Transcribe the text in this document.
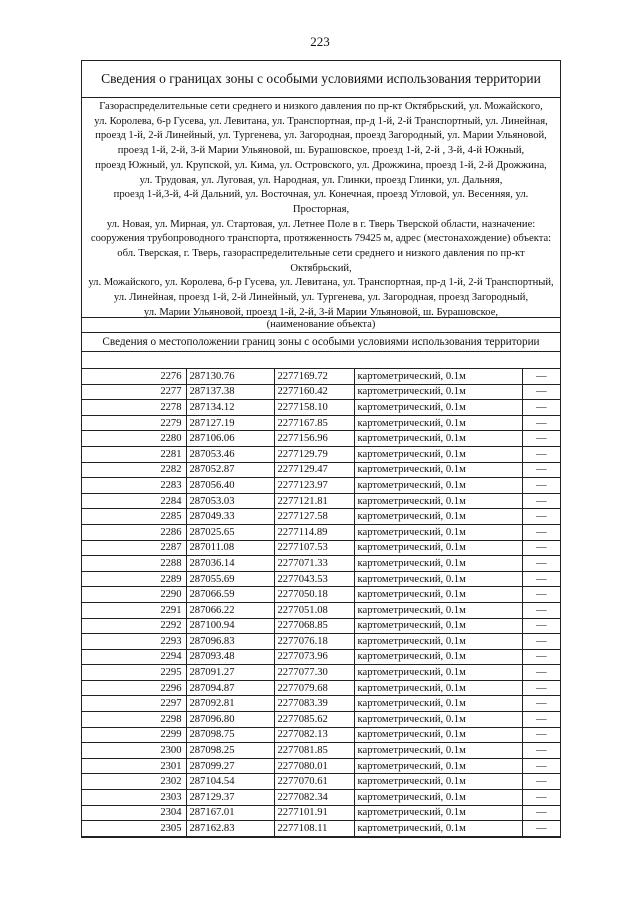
223
Сведения о границах зоны с особыми условиями использования территории
Газораспределительные сети среднего и низкого давления по пр-кт Октябрьский, ул. Можайского,
ул. Королева, 6-р Гусева, ул. Левитана, ул. Транспортная, пр-д 1-й, 2-й Транспортный, ул. Линейная,
проезд 1-й, 2-й Линейный, ул. Тургенева, ул. Загородная, проезд Загородный, ул. Марии Ульяновой,
проезд 1-й, 2-й, 3-й Марии Ульяновой, ш. Бурашовское, проезд 1-й, 2-й , 3-й, 4-й Южный,
проезд Южный, ул. Крупской, ул. Кима, ул. Островского, ул. Дрожжина, проезд 1-й, 2-й Дрожжина,
ул. Трудовая, ул. Луговая, ул. Народная, ул. Глинки, проезд Глинки, ул. Дальняя,
проезд 1-й,3-й, 4-й Дальний, ул. Восточная, ул. Конечная, проезд Угловой, ул. Весенняя, ул. Просторная,
ул. Новая, ул. Мирная, ул. Стартовая, ул. Летнее Поле в г. Тверь Тверской области, назначение:
сооружения трубопроводного транспорта, протяженность 79425 м, адрес (местонахождение) объекта:
обл. Тверская, г. Тверь, газораспределительные сети среднего и низкого давления по пр-кт Октябрьский,
ул. Можайского, ул. Королева, б-р Гусева, ул. Левитана, ул. Транспортная, пр-д 1-й, 2-й Транспортный,
ул. Линейная, проезд 1-й, 2-й Линейный, ул. Тургенева, ул. Загородная, проезд Загородный,
ул. Марии Ульяновой, проезд 1-й, 2-й, 3-й Марии Ульяновой, ш. Бурашовское,
(наименование объекта)
Сведения о местоположении границ зоны с особыми условиями использования территории
2276	287130.76	2277169.72	картометрический, 0.1м	—
2277	287137.38	2277160.42	картометрический, 0.1м	—
2278	287134.12	2277158.10	картометрический, 0.1м	—
2279	287127.19	2277167.85	картометрический, 0.1м	—
2280	287106.06	2277156.96	картометрический, 0.1м	—
2281	287053.46	2277129.79	картометрический, 0.1м	—
2282	287052.87	2277129.47	картометрический, 0.1м	—
2283	287056.40	2277123.97	картометрический, 0.1м	—
2284	287053.03	2277121.81	картометрический, 0.1м	—
2285	287049.33	2277127.58	картометрический, 0.1м	—
2286	287025.65	2277114.89	картометрический, 0.1м	—
2287	287011.08	2277107.53	картометрический, 0.1м	—
2288	287036.14	2277071.33	картометрический, 0.1м	—
2289	287055.69	2277043.53	картометрический, 0.1м	—
2290	287066.59	2277050.18	картометрический, 0.1м	—
2291	287066.22	2277051.08	картометрический, 0.1м	—
2292	287100.94	2277068.85	картометрический, 0.1м	—
2293	287096.83	2277076.18	картометрический, 0.1м	—
2294	287093.48	2277073.96	картометрический, 0.1м	—
2295	287091.27	2277077.30	картометрический, 0.1м	—
2296	287094.87	2277079.68	картометрический, 0.1м	—
2297	287092.81	2277083.39	картометрический, 0.1м	—
2298	287096.80	2277085.62	картометрический, 0.1м	—
2299	287098.75	2277082.13	картометрический, 0.1м	—
2300	287098.25	2277081.85	картометрический, 0.1м	—
2301	287099.27	2277080.01	картометрический, 0.1м	—
2302	287104.54	2277070.61	картометрический, 0.1м	—
2303	287129.37	2277082.34	картометрический, 0.1м	—
2304	287167.01	2277101.91	картометрический, 0.1м	—
2305	287162.83	2277108.11	картометрический, 0.1м	—
